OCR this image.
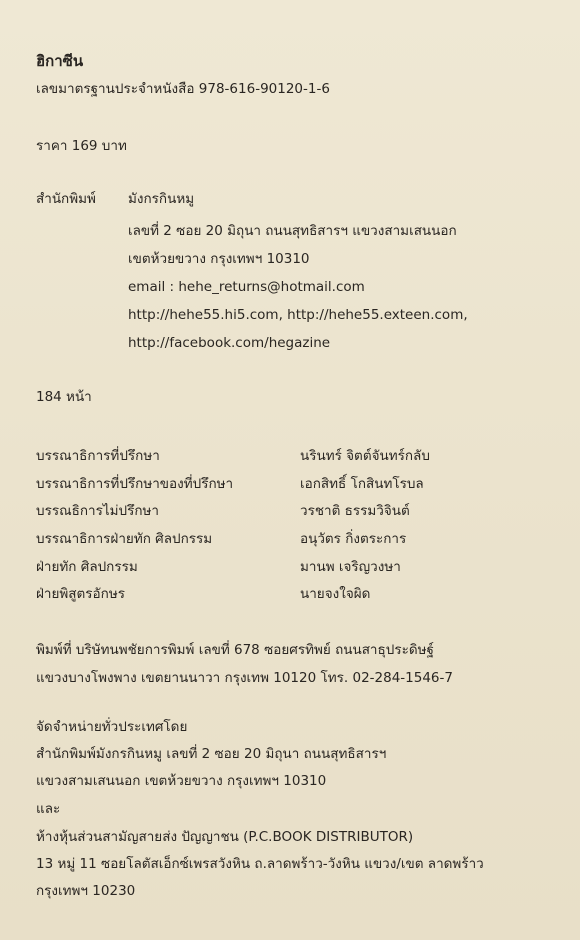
ฮิกาซีน
เลขมาตรฐานประจำหนังสือ 978-616-90120-1-6
ราคา 169 บาท
สำนักพิมพ์ มังกรกินหมู
เลขที่ 2 ซอย 20 มิถุนา ถนนสุทธิสารฯ แขวงสามเสนนอก
เขตห้วยขวาง กรุงเทพฯ 10310
email : hehe_returns@hotmail.com
http://hehe55.hi5.com, http://hehe55.exteen.com,
http://facebook.com/hegazine
184 หน้า
บรรณาธิการที่ปรึกษา	นรินทร์ จิตต์จันทร์กลับ
บรรณาธิการที่ปรึกษาของที่ปรึกษา	เอกสิทธิ์ โกสินทโรบล
บรรณธิการไม่ปรึกษา	วรชาติ ธรรมวิจินต์
บรรณาธิการฝ่ายทัก ศิลปกรรม	อนุวัตร กิ่งตระการ
ฝ่ายทัก ศิลปกรรม	มานพ เจริญวงษา
ฝ่ายพิสูตรอักษร	นายจงใจผิด
พิมพ์ที่ บริษัทนพชัยการพิมพ์ เลขที่ 678 ซอยศรทิพย์ ถนนสาธุประดิษฐ์
แขวงบางโพงพาง เขตยานนาวา กรุงเทพ 10120 โทร. 02-284-1546-7
จัดจำหน่ายทั่วประเทศโดย
สำนักพิมพ์มังกรกินหมู เลขที่ 2 ซอย 20 มิถุนา ถนนสุทธิสารฯ
แขวงสามเสนนอก เขตห้วยขวาง กรุงเทพฯ 10310
และ
ห้างหุ้นส่วนสามัญสายส่ง ปัญญาชน (P.C.BOOK DISTRIBUTOR)
13 หมู่ 11 ซอยโลตัสเอ็กซ์เพรสวังหิน ถ.ลาดพร้าว-วังหิน แขวง/เขต ลาดพร้าว
กรุงเทพฯ 10230
